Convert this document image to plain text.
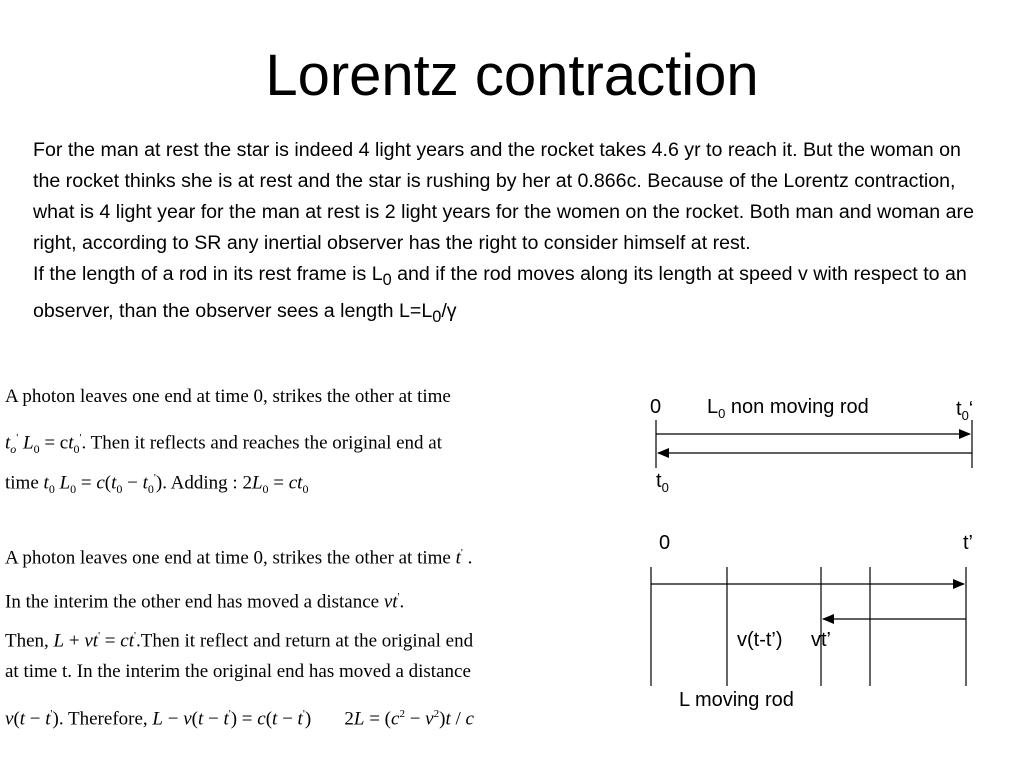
Lorentz contraction

For the man at rest the star is indeed 4 light years and the rocket takes 4.6 yr to reach it. But the woman on the rocket thinks she is at rest and the star is rushing by her at 0.866c. Because of the Lorentz contraction, what is 4 light year for the man at rest is 2 light years for the women on the rocket. Both man and woman are right, according to SR any inertial observer has the right to consider himself at rest.

If the length of a rod in its rest frame is $L_0$ and if the rod moves along its length at speed v with respect to an observer, than the observer sees a length $L=L_0/\gamma$

A photon leaves one end at time 0, strikes the other at time
$t_o'$ $L_0 = ct_0'$. Then it reflects and reaches the original end at
time $t_0$ $L_0 = c(t_0 - t_0')$. Adding : $2L_0 = ct_0$
A photon leaves one end at time 0, strikes the other at time t' .
In the interim the other end has moved a distance vt'.
Then, L + vt' = ct'.Then it reflect and return at the original end
at time t. In the interim the original end has moved a distance
v(t − t'). Therefore, L − v(t − t') = c(t − t')       $2L = (c^2 - v^2)t / c$
0 $L_0$ non moving rod	$t_0‘$
$t_0$
0	t’
v(t-t’) vt’
L moving rod
